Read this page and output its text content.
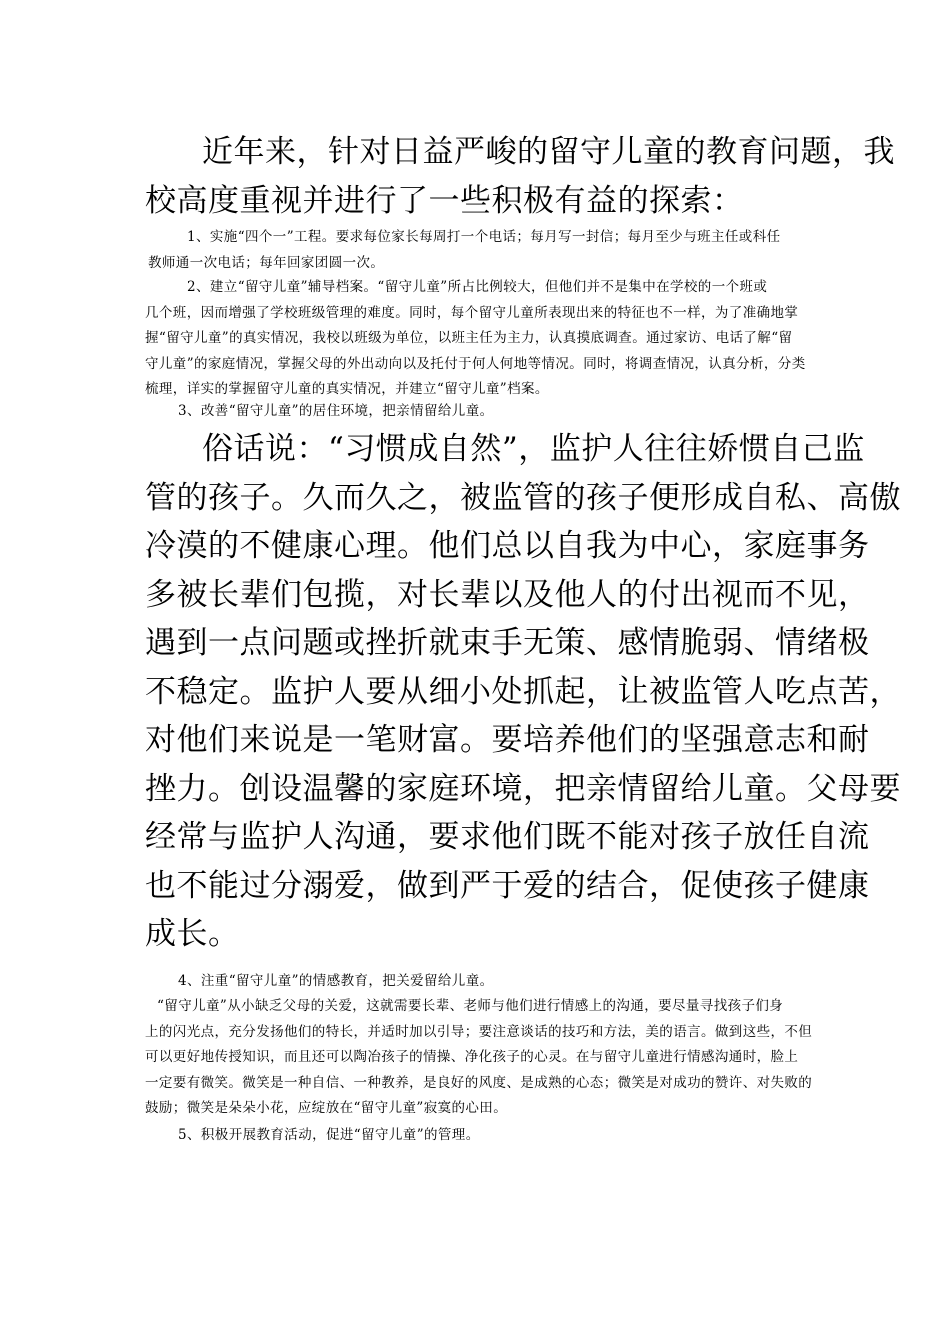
近年来，针对日益严峻的留守儿童的教育问题，我
校高度重视并进行了一些积极有益的探索：
1、实施“四个一”工程。要求每位家长每周打一个电话；每月写一封信；每月至少与班主任或科任
教师通一次电话；每年回家团圆一次。
2、建立“留守儿童”辅导档案。“留守儿童”所占比例较大，但他们并不是集中在学校的一个班或
几个班，因而增强了学校班级管理的难度。同时，每个留守儿童所表现出来的特征也不一样，为了准确地掌
握“留守儿童”的真实情况，我校以班级为单位，以班主任为主力，认真摸底调查。通过家访、电话了解“留
守儿童”的家庭情况，掌握父母的外出动向以及托付于何人何地等情况。同时，将调查情况，认真分析，分类
梳理，详实的掌握留守儿童的真实情况，并建立“留守儿童”档案。
3、改善“留守儿童”的居住环境，把亲情留给儿童。
俗话说：“习惯成自然”，监护人往往娇惯自己监
管的孩子。久而久之，被监管的孩子便形成自私、高傲
冷漠的不健康心理。他们总以自我为中心，家庭事务
多被长辈们包揽，对长辈以及他人的付出视而不见，
遇到一点问题或挫折就束手无策、感情脆弱、情绪极
不稳定。监护人要从细小处抓起，让被监管人吃点苦，
对他们来说是一笔财富。要培养他们的坚强意志和耐
挫力。创设温馨的家庭环境，把亲情留给儿童。父母要
经常与监护人沟通，要求他们既不能对孩子放任自流
也不能过分溺爱，做到严于爱的结合，促使孩子健康
成长。
4、注重“留守儿童”的情感教育，把关爱留给儿童。
“留守儿童”从小缺乏父母的关爱，这就需要长辈、老师与他们进行情感上的沟通，要尽量寻找孩子们身
上的闪光点，充分发扬他们的特长，并适时加以引导；要注意谈话的技巧和方法，美的语言。做到这些，不但
可以更好地传授知识，而且还可以陶冶孩子的情操、净化孩子的心灵。在与留守儿童进行情感沟通时，脸上
一定要有微笑。微笑是一种自信、一种教养，是良好的风度、是成熟的心态；微笑是对成功的赞许、对失败的
鼓励；微笑是朵朵小花，应绽放在“留守儿童”寂寞的心田。
5、积极开展教育活动，促进“留守儿童”的管理。
